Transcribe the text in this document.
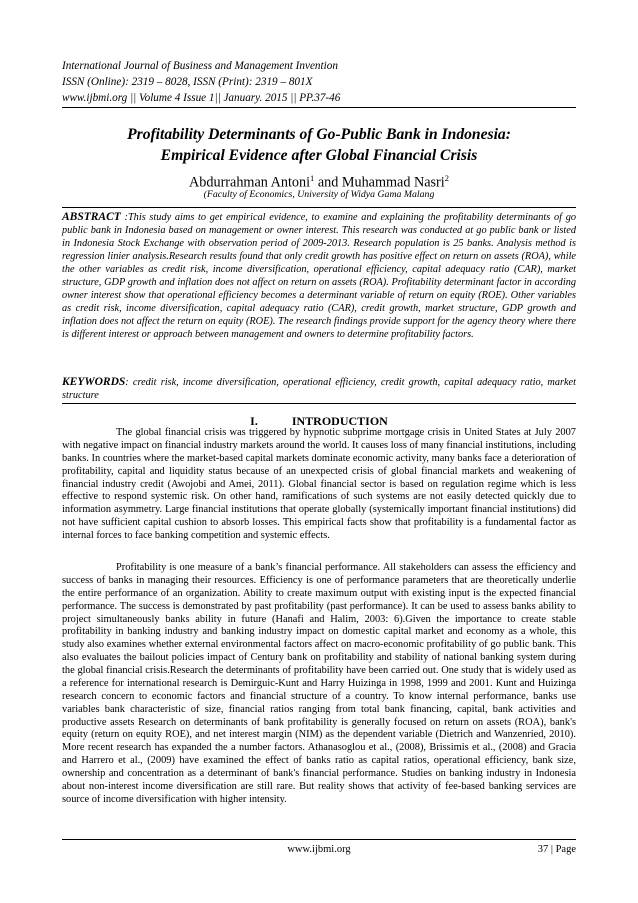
International Journal of Business and Management Invention
ISSN (Online): 2319 – 8028, ISSN (Print): 2319 – 801X
www.ijbmi.org || Volume 4 Issue 1|| January. 2015 || PP.37-46
Profitability Determinants of Go-Public Bank in Indonesia:
Empirical Evidence after Global Financial Crisis
Abdurrahman Antoni$^1$ and Muhammad Nasri$^2$
(Faculty of Economics, University of Widya Gama Malang
ABSTRACT :This study aims to get empirical evidence, to examine and explaining the profitability determinants of go public bank in Indonesia based on management or owner interest. This research was conducted at go public bank or listed in Indonesia Stock Exchange with observation period of 2009-2013. Research population is 25 banks. Analysis method is regression linier analysis.Research results found that only credit growth has positive effect on return on assets (ROA), while the other variables as credit risk, income diversification, operational efficiency, capital adequacy ratio (CAR), market structure, GDP growth and inflation does not affect on return on assets (ROA). Profitability determinant factor in according owner interest show that operational efficiency becomes a determinant variable of return on equity (ROE). Other variables as credit risk, income diversification, capital adequacy ratio (CAR), credit growth, market structure, GDP growth and inflation does not affect the return on equity (ROE). The research findings provide support for the agency theory where there is different interest or approach between management and owners to determine profitability factors.
KEYWORDS: credit risk, income diversification, operational efficiency, credit growth, capital adequacy ratio, market structure
I.	INTRODUCTION
The global financial crisis was triggered by hypnotic subprime mortgage crisis in United States at July 2007 with negative impact on financial industry markets around the world. It causes loss of many financial institutions, including banks. In countries where the market-based capital markets dominate economic activity, many banks face a deterioration of profitability, capital and liquidity status because of an unexpected crisis of global financial markets and weakening of financial industry credit (Awojobi and Amei, 2011). Global financial sector is based on regulation regime which is less effective to respond systemic risk. On other hand, ramifications of such systems are not easily detected quickly due to information asymmetry. Large financial institutions that operate globally (systemically important financial institutions) did not have sufficient capital cushion to absorb losses. This empirical facts show that profitability is a fundamental factor as internal forces to face banking competition and systemic effects.
Profitability is one measure of a bank’s financial performance. All stakeholders can assess the efficiency and success of banks in managing their resources. Efficiency is one of performance parameters that are theoretically underlie the entire performance of an organization. Ability to create maximum output with existing input is the expected financial performance. The success is demonstrated by past profitability (past performance). It can be used to assess banks ability to project simultaneously banks ability in future (Hanafi and Halim, 2003: 6).Given the importance to create stable profitability in banking industry and banking industry impact on domestic capital market and economy as a whole, this study also examines whether external environmental factors affect on macro-economic profitability of go public bank. This also evaluates the bailout policies impact of Century bank on profitability and stability of national banking system during the global financial crisis.Research the determinants of profitability have been carried out. One study that is widely used as a reference for international research is Demirguic-Kunt and Harry Huizinga in 1998, 1999 and 2001. Kunt and Huizinga research concern to economic factors and financial structure of a country. To know internal performance, banks use variables bank characteristic of size, financial ratios ranging from total bank financing, capital, bank activities and productive assets Research on determinants of bank profitability is generally focused on return on assets (ROA), bank's equity (return on equity ROE), and net interest margin (NIM) as the dependent variable (Dietrich and Wanzenried, 2010). More recent research has expanded the a number factors. Athanasoglou et al., (2008), Brissimis et al., (2008) and Gracia and Harrero et al., (2009) have examined the effect of banks ratio as capital ratios, operational efficiency, bank size, ownership and concentration as a determinant of bank's financial performance. Studies on banking industry in Indonesia about non-interest income diversification are still rare. But reality shows that activity of fee-based banking services are source of income diversification with higher intensity.
www.ijbmi.org	37 | Page
